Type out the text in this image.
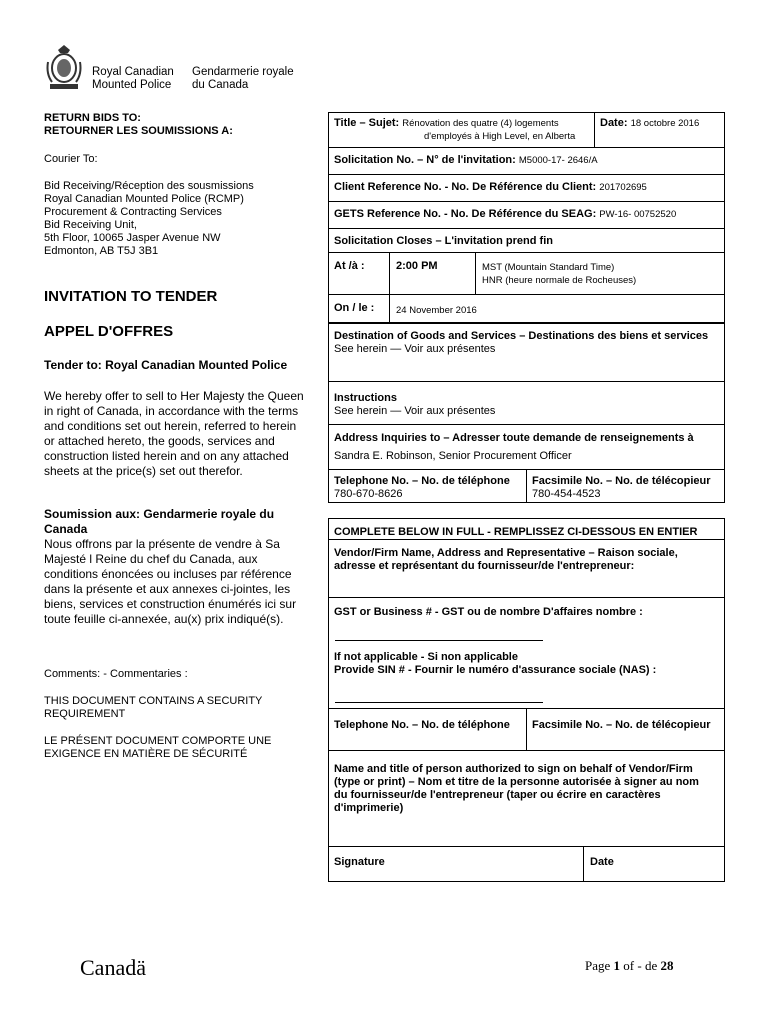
Royal Canadian Gendarmerie royale
Mounted Police du Canada
RETURN BIDS TO:
RETOURNER LES SOUMISSIONS A:
Courier To:
Bid Receiving/Réception des sousmissions
Royal Canadian Mounted Police (RCMP)
Procurement & Contracting Services
Bid Receiving Unit,
5th Floor, 10065 Jasper Avenue NW
Edmonton, AB T5J 3B1
INVITATION TO TENDER
APPEL D'OFFRES
Tender to: Royal Canadian Mounted Police
We hereby offer to sell to Her Majesty the Queen in right of Canada, in accordance with the terms and conditions set out herein, referred to herein or attached hereto, the goods, services and construction listed herein and on any attached sheets at the price(s) set out therefor.
Soumission aux: Gendarmerie royale du Canada
Nous offrons par la présente de vendre à Sa Majesté l Reine du chef du Canada, aux conditions énoncées ou incluses par référence dans la présente et aux annexes ci-jointes, les biens, services et construction énumérés ici sur toute feuille ci-annexée, au(x) prix indiqué(s).
Comments: - Commentaries :
THIS DOCUMENT CONTAINS A SECURITY REQUIREMENT
LE PRÉSENT DOCUMENT COMPORTE UNE EXIGENCE EN MATIÈRE DE SÉCURITÉ
Title – Sujet: Rénovation des quatre (4) logements
d'employés à High Level, en Alberta
Date: 18 octobre 2016
Solicitation No. – N° de l'invitation: M5000-17- 2646/A
Client Reference No. - No. De Référence du Client: 201702695
GETS Reference No. - No. De Référence du SEAG: PW-16- 00752520
Solicitation Closes – L'invitation prend fin
At /à :	2:00 PM	MST (Mountain Standard Time)
HNR (heure normale de Rocheuses)
On / le :	24 November 2016
Destination of Goods and Services – Destinations des biens et services
See herein — Voir aux présentes
Instructions
See herein — Voir aux présentes
Address Inquiries to – Adresser toute demande de renseignements à
Sandra E. Robinson, Senior Procurement Officer
Telephone No. – No. de téléphone
780-670-8626
Facsimile No. – No. de télécopieur
780-454-4523
COMPLETE BELOW IN FULL - REMPLISSEZ CI-DESSOUS EN ENTIER
Vendor/Firm Name, Address and Representative – Raison sociale, adresse et représentant du fournisseur/de l'entrepreneur:
GST or Business # - GST ou de nombre D'affaires nombre :
If not applicable - Si non applicable
Provide SIN # - Fournir le numéro d'assurance sociale (NAS) :
Telephone No. – No. de téléphone	Facsimile No. – No. de télécopieur
Name and title of person authorized to sign on behalf of Vendor/Firm (type or print) – Nom et titre de la personne autorisée à signer au nom du fournisseur/de l'entrepreneur (taper ou écrire en caractères d'imprimerie)
Signature	Date
Canadä	Page 1 of - de 28
